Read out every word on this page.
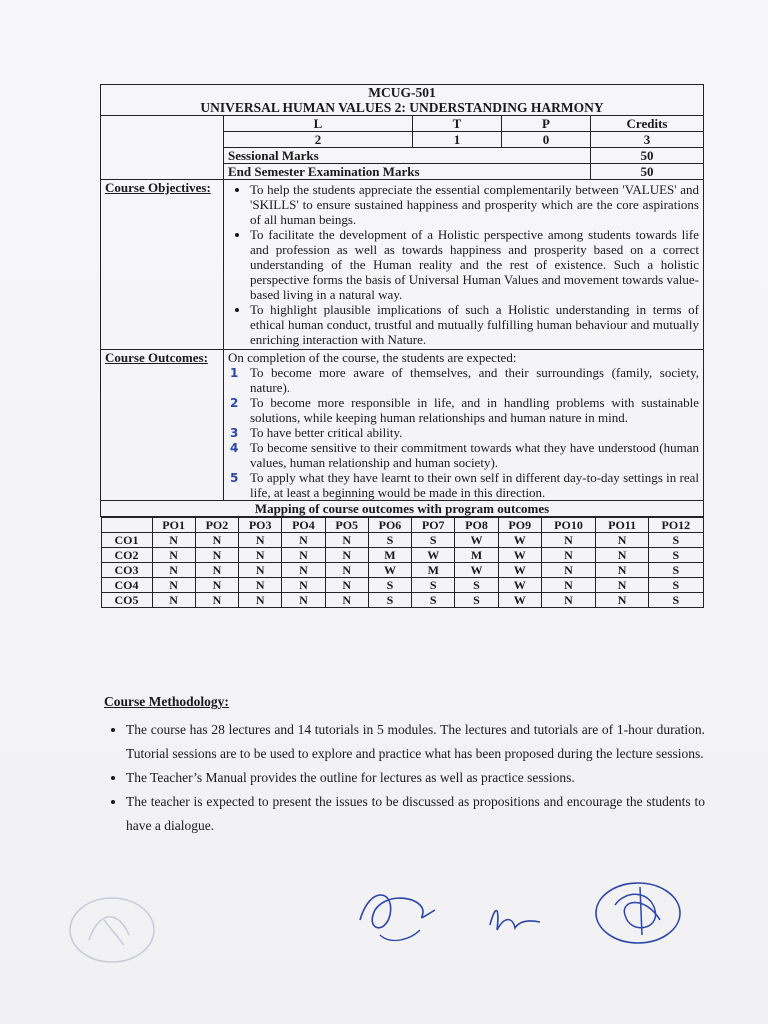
MCUG-501
UNIVERSAL HUMAN VALUES 2: UNDERSTANDING HARMONY

	L	T	P	Credits
2	1	0	3
Sessional Marks	50
End Semester Examination Marks	50
Course Objectives:	
•To help the students appreciate the essential complementarily between 'VALUES' and 'SKILLS' to ensure sustained happiness and prosperity which are the core aspirations of all human beings.
• To facilitate the development of a Holistic perspective among students towards life and profession as well as towards happiness and prosperity based on a correct understanding of the Human reality and the rest of existence. Such a holistic perspective forms the basis of Universal Human Values and movement towards value-based living in a natural way.
• To highlight plausible implications of such a Holistic understanding in terms of ethical human conduct, trustful and mutually fulfilling human behaviour and mutually enriching interaction with Nature.

Course Outcomes:	On completion of the course, the students are expected:
1 To become more aware of themselves, and their surroundings (family, society, nature).
2 To become more responsible in life, and in handling problems with sustainable solutions, while keeping human relationships and human nature in mind.
3 To have better critical ability.
4 To become sensitive to their commitment towards what they have understood (human values, human relationship and human society).
5 To apply what they have learnt to their own self in different day-to-day settings in real life, at least a beginning would be made in this direction.

Mapping of course outcomes with program outcomes

	PO1	PO2	PO3	PO4	PO5	PO6	PO7	PO8	PO9	PO10	PO11	PO12
CO1	N	N	N	N	N	S	S	W	W	N	N	S
CO2	N	N	N	N	N	M	W	M	W	N	N	S
CO3	N	N	N	N	N	W	M	W	W	N	N	S
CO4	N	N	N	N	N	S	S	S	W	N	N	S
CO5	N	N	N	N	N	S	S	S	W	N	N	S
Course Methodology:
• The course has 28 lectures and 14 tutorials in 5 modules. The lectures and tutorials are of 1-hour duration. Tutorial sessions are to be used to explore and practice what has been proposed during the lecture sessions.
• The Teacher’s Manual provides the outline for lectures as well as practice sessions.
• The teacher is expected to present the issues to be discussed as propositions and encourage the students to have a dialogue.
